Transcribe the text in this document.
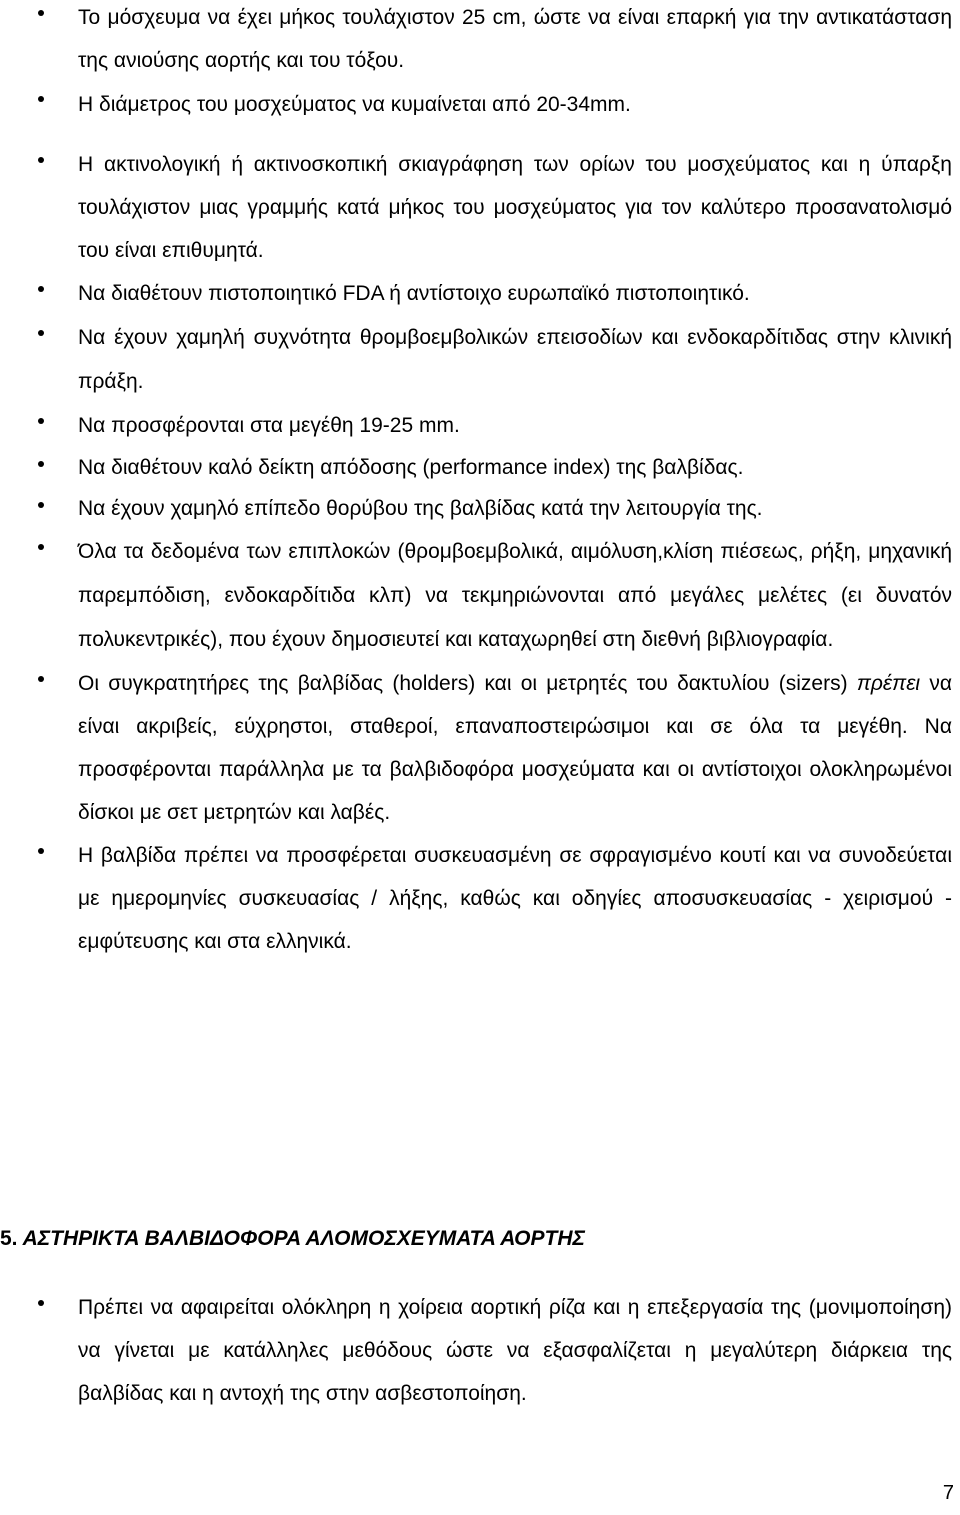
Το μόσχευμα να έχει μήκος τουλάχιστον 25 cm, ώστε να είναι επαρκή για την αντικατάσταση της ανιούσης αορτής και του τόξου.
Η διάμετρος του μοσχεύματος να κυμαίνεται από 20-34mm.
Η ακτινολογική ή ακτινοσκοπική σκιαγράφηση των ορίων του μοσχεύματος και η ύπαρξη τουλάχιστον μιας γραμμής κατά μήκος του μοσχεύματος για τον καλύτερο προσανατολισμό του είναι επιθυμητά.
Να διαθέτουν πιστοποιητικό FDA ή αντίστοιχο ευρωπαϊκό πιστοποιητικό.
Να έχουν χαμηλή συχνότητα θρομβοεμβολικών επεισοδίων και ενδοκαρδίτιδας στην κλινική πράξη.
Να προσφέρονται στα μεγέθη 19-25 mm.
Να διαθέτουν καλό δείκτη απόδοσης (performance index) της βαλβίδας.
Να έχουν χαμηλό επίπεδο θορύβου της βαλβίδας κατά την λειτουργία της.
Όλα τα δεδομένα των επιπλοκών (θρομβοεμβολικά, αιμόλυση,κλίση πιέσεως, ρήξη, μηχανική παρεμπόδιση, ενδοκαρδίτιδα κλπ) να τεκμηριώνονται από μεγάλες μελέτες (ει δυνατόν πολυκεντρικές), που έχουν δημοσιευτεί και καταχωρηθεί στη διεθνή βιβλιογραφία.
Οι συγκρατητήρες της βαλβίδας (holders) και οι μετρητές του δακτυλίου (sizers) πρέπει να είναι ακριβείς, εύχρηστοι, σταθεροί, επαναποστειρώσιμοι και σε όλα τα μεγέθη. Να προσφέρονται παράλληλα με τα βαλβιδοφόρα μοσχεύματα και οι αντίστοιχοι ολοκληρωμένοι δίσκοι με σετ μετρητών και λαβές.
Η βαλβίδα πρέπει να προσφέρεται συσκευασμένη σε σφραγισμένο κουτί και να συνοδεύεται με ημερομηνίες συσκευασίας / λήξης, καθώς και οδηγίες αποσυσκευασίας - χειρισμού - εμφύτευσης και στα ελληνικά.
5. ΑΣΤΗΡΙΚΤΑ ΒΑΛΒΙΔΟΦΟΡΑ ΑΛΟΜΟΣΧΕΥΜΑΤΑ ΑΟΡΤΗΣ
Πρέπει να αφαιρείται ολόκληρη η χοίρεια αορτική ρίζα και η επεξεργασία της (μονιμοποίηση) να γίνεται με κατάλληλες μεθόδους ώστε να εξασφαλίζεται η μεγαλύτερη διάρκεια της βαλβίδας και η αντοχή της στην ασβεστοποίηση.
7
